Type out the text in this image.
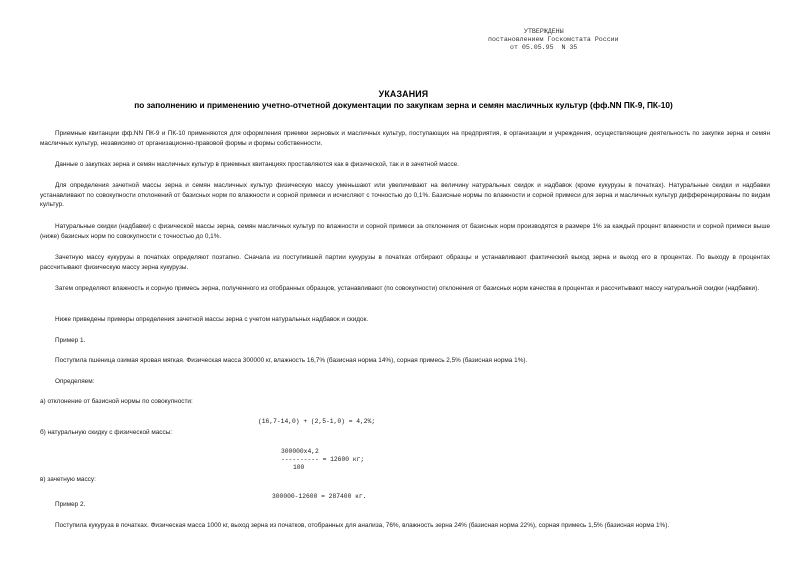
УТВЕРЖДЕНЫ
постановлением Госкомстата России
от 05.05.95  N 35
УКАЗАНИЯ
по заполнению и применению учетно-отчетной документации по закупкам зерна и семян масличных культур (фф.NN ПК-9, ПК-10)
Приемные квитанции фф.NN ПК-9 и ПК-10 применяются для оформления приемки зерновых и масличных культур, поступающих на предприятия, в организации и учреждения, осуществляющие деятельность по закупке зерна и семян масличных культур, независимо от организационно-правовой формы и формы собственности.
Данные о закупках зерна и семян масличных культур в приемных квитанциях проставляются как в физической, так и в зачетной массе.
Для определения зачетной массы зерна и семян масличных культур физическую массу уменьшают или увеличивают на величину натуральных скидок и надбавок (кроме кукурузы в початках). Натуральные скидки и надбавки устанавливают по совокупности отклонений от базисных норм по влажности и сорной примеси и исчисляют с точностью до 0,1%. Базисные нормы по влажности и сорной примеси для зерна и масличных культур дифференцированы по видам культур.
Натуральные скидки (надбавки) с физической массы зерна, семян масличных культур по влажности и сорной примеси за отклонения от базисных норм производятся в размере 1% за каждый процент влажности и сорной примеси выше (ниже) базисных норм по совокупности с точностью до 0,1%.
Зачетную массу кукурузы в початках определяют поэтапно. Сначала из поступившей партии кукурузы в початках отбирают образцы и устанавливают фактический выход зерна и выход его в процентах. По выходу в процентах рассчитывают физическую массу зерна кукурузы.
Затем определяют влажность и сорную примесь зерна, полученного из отобранных образцов, устанавливают (по совокупности) отклонения от базисных норм качества в процентах и рассчитывают массу натуральной скидки (надбавки).
Ниже приведены примеры определения зачетной массы зерна с учетом натуральных надбавок и скидок.
Пример 1.
Поступила пшеница озимая яровая мягкая. Физическая масса 300000 кг, влажность 16,7% (базисная норма 14%), сорная примесь 2,5% (базисная норма 1%).
Определяем:
а) отклонение от базисной нормы по совокупности:
(16,7-14,0) + (2,5-1,0) = 4,2%;
б) натуральную скидку с физической массы:
300000x4,2
---------- = 12600 кг;
100
в) зачетную массу:
300000-12600 = 287400 кг.
Пример 2.
Поступила кукуруза в початках. Физическая масса 1000 кг, выход зерна из початков, отобранных для анализа, 76%, влажность зерна 24% (базисная норма 22%), сорная примесь 1,5% (базисная норма 1%).
